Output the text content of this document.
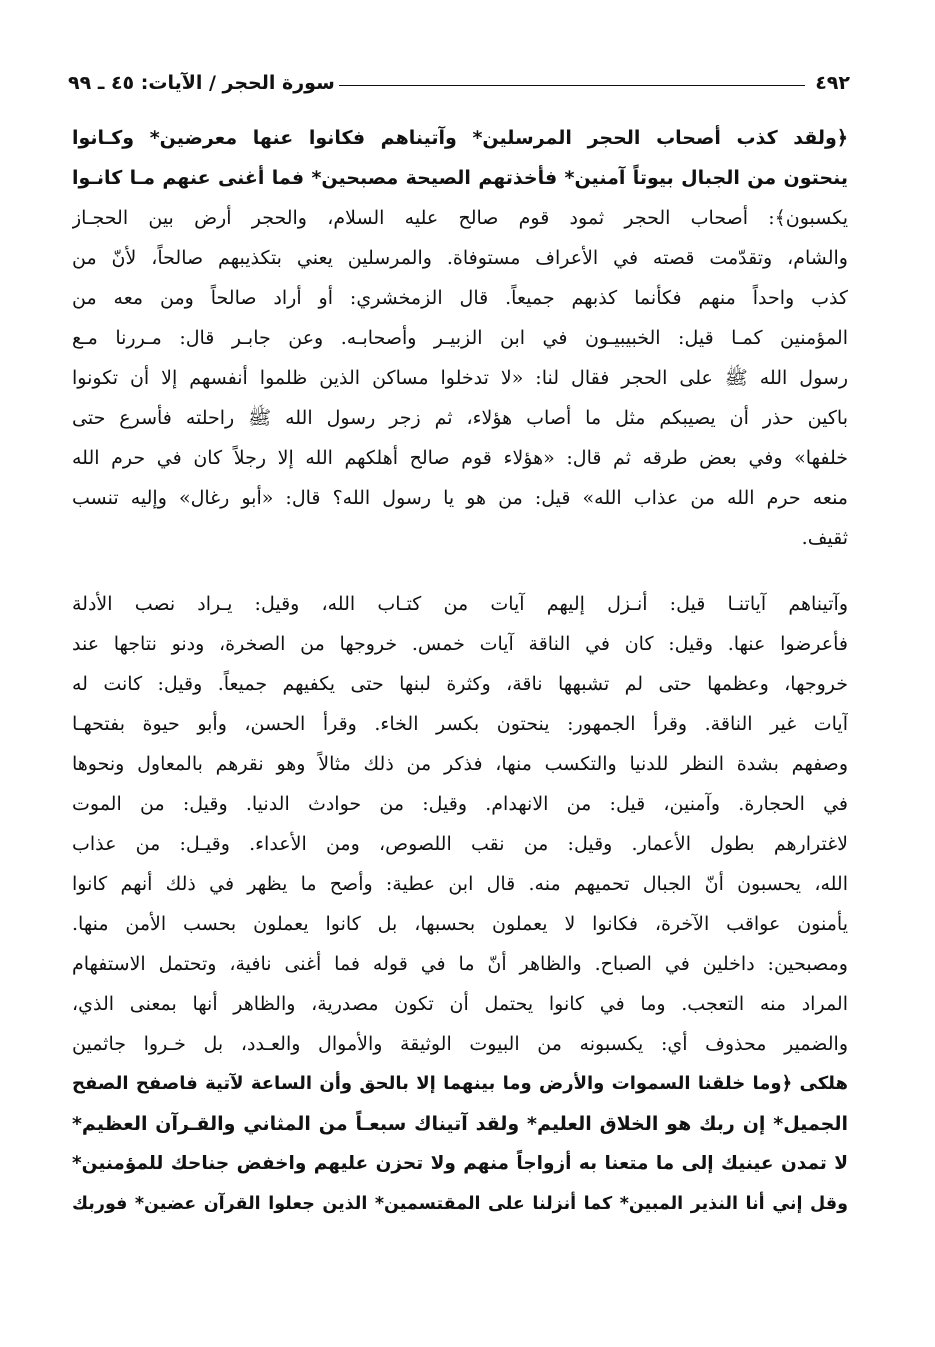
٤٩٢
سورة الحجر / الآيات: ٤٥ ـ ٩٩
﴿ولقد كذب أصحاب الحجر المرسلين* وآتيناهم فكانوا عنها معرضين* وكـانوا
ينحتون من الجبال بيوتاً آمنين* فأخذتهم الصيحة مصبحين* فما أغنى عنهم مـا كانـوا
يكسبون﴾: أصحاب الحجر ثمود قوم صالح عليه السلام، والحجر أرض بين الحجـاز
والشام، وتقدّمت قصته في الأعراف مستوفاة. والمرسلين يعني بتكذيبهم صالحاً، لأنّ من
كذب واحداً منهم فكأنما كذبهم جميعاً. قال الزمخشري: أو أراد صالحاً ومن معه من
المؤمنين كمـا قيل: الخبيبيـون في ابن الزبيـر وأصحابـه. وعن جابـر قال: مـررنا مـع
رسول الله ﷺ على الحجر فقال لنا: «لا تدخلوا مساكن الذين ظلموا أنفسهم إلا أن تكونوا
باكين حذر أن يصيبكم مثل ما أصاب هؤلاء، ثم زجر رسول الله ﷺ راحلته فأسرع حتى
خلفها» وفي بعض طرقه ثم قال: «هؤلاء قوم صالح أهلكهم الله إلا رجلاً كان في حرم الله
منعه حرم الله من عذاب الله» قيل: من هو يا رسول الله؟ قال: «أبو رغال» وإليه تنسب
ثقيف.
وآتيناهم آياتنـا قيل: أنـزل إليهم آيات من كتـاب الله، وقيل: يـراد نصب الأدلة
فأعرضوا عنها. وقيل: كان في الناقة آيات خمس. خروجها من الصخرة، ودنو نتاجها عند
خروجها، وعظمها حتى لم تشبهها ناقة، وكثرة لبنها حتى يكفيهم جميعاً. وقيل: كانت له
آيات غير الناقة. وقرأ الجمهور: ينحتون بكسر الخاء. وقرأ الحسن، وأبو حيوة بفتحهـا
وصفهم بشدة النظر للدنيا والتكسب منها، فذكر من ذلك مثالاً وهو نقرهم بالمعاول ونحوها
في الحجارة. وآمنين، قيل: من الانهدام. وقيل: من حوادث الدنيا. وقيل: من الموت
لاغترارهم بطول الأعمار. وقيل: من نقب اللصوص، ومن الأعداء. وقيـل: من عذاب
الله، يحسبون أنّ الجبال تحميهم منه. قال ابن عطية: وأصح ما يظهر في ذلك أنهم كانوا
يأمنون عواقب الآخرة، فكانوا لا يعملون بحسبها، بل كانوا يعملون بحسب الأمن منها.
ومصبحين: داخلين في الصباح. والظاهر أنّ ما في قوله فما أغنى نافية، وتحتمل الاستفهام
المراد منه التعجب. وما في كانوا يحتمل أن تكون مصدرية، والظاهر أنها بمعنى الذي،
والضمير محذوف أي: يكسبونه من البيوت الوثيقة والأموال والعـدد، بل خـروا جاثمين
هلكى ﴿وما خلقنا السموات والأرض وما بينهما إلا بالحق وأن الساعة لآتية فاصفح الصفح
الجميل* إن ربك هو الخلاق العليم* ولقد آتيناك سبعـاً من المثاني والقـرآن العظيم*
لا تمدن عينيك إلى ما متعنا به أزواجاً منهم ولا تحزن عليهم واخفض جناحك للمؤمنين*
وقل إني أنا النذير المبين* كما أنزلنا على المقتسمين* الذين جعلوا القرآن عضين* فوربك
